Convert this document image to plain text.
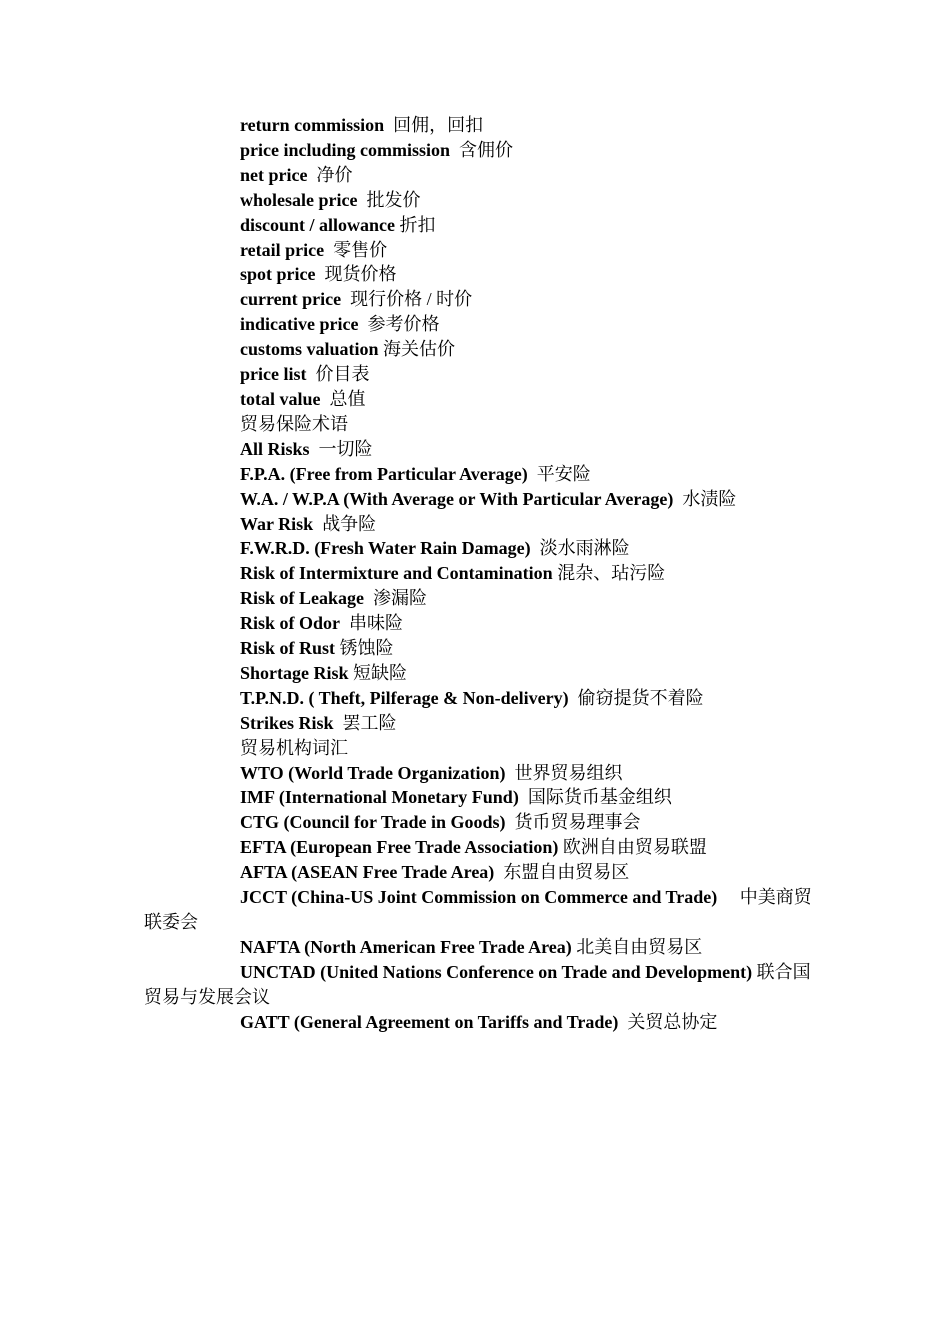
return commission 回佣，回扣
price including commission 含佣价
net price 净价
wholesale price 批发价
discount / allowance 折扣
retail price 零售价
spot price 现货价格
current price 现行价格 / 时价
indicative price 参考价格
customs valuation 海关估价
price list 价目表
total value 总值
贸易保险术语
All Risks 一切险
F.P.A. (Free from Particular Average) 平安险
W.A. / W.P.A (With Average or With Particular Average) 水渍险
War Risk 战争险
F.W.R.D. (Fresh Water Rain Damage) 淡水雨淋险
Risk of Intermixture and Contamination 混杂、玷污险
Risk of Leakage 渗漏险
Risk of Odor 串味险
Risk of Rust 锈蚀险
Shortage Risk 短缺险
T.P.N.D. ( Theft, Pilferage & Non-delivery) 偷窃提货不着险
Strikes Risk 罢工险
贸易机构词汇
WTO (World Trade Organization) 世界贸易组织
IMF (International Monetary Fund) 国际货币基金组织
CTG (Council for Trade in Goods) 货币贸易理事会
EFTA (European Free Trade Association) 欧洲自由贸易联盟
AFTA (ASEAN Free Trade Area) 东盟自由贸易区
JCCT (China-US Joint Commission on Commerce and Trade) 中美商贸联委会
NAFTA (North American Free Trade Area) 北美自由贸易区
UNCTAD (United Nations Conference on Trade and Development) 联合国贸易与发展会议
GATT (General Agreement on Tariffs and Trade) 关贸总协定
